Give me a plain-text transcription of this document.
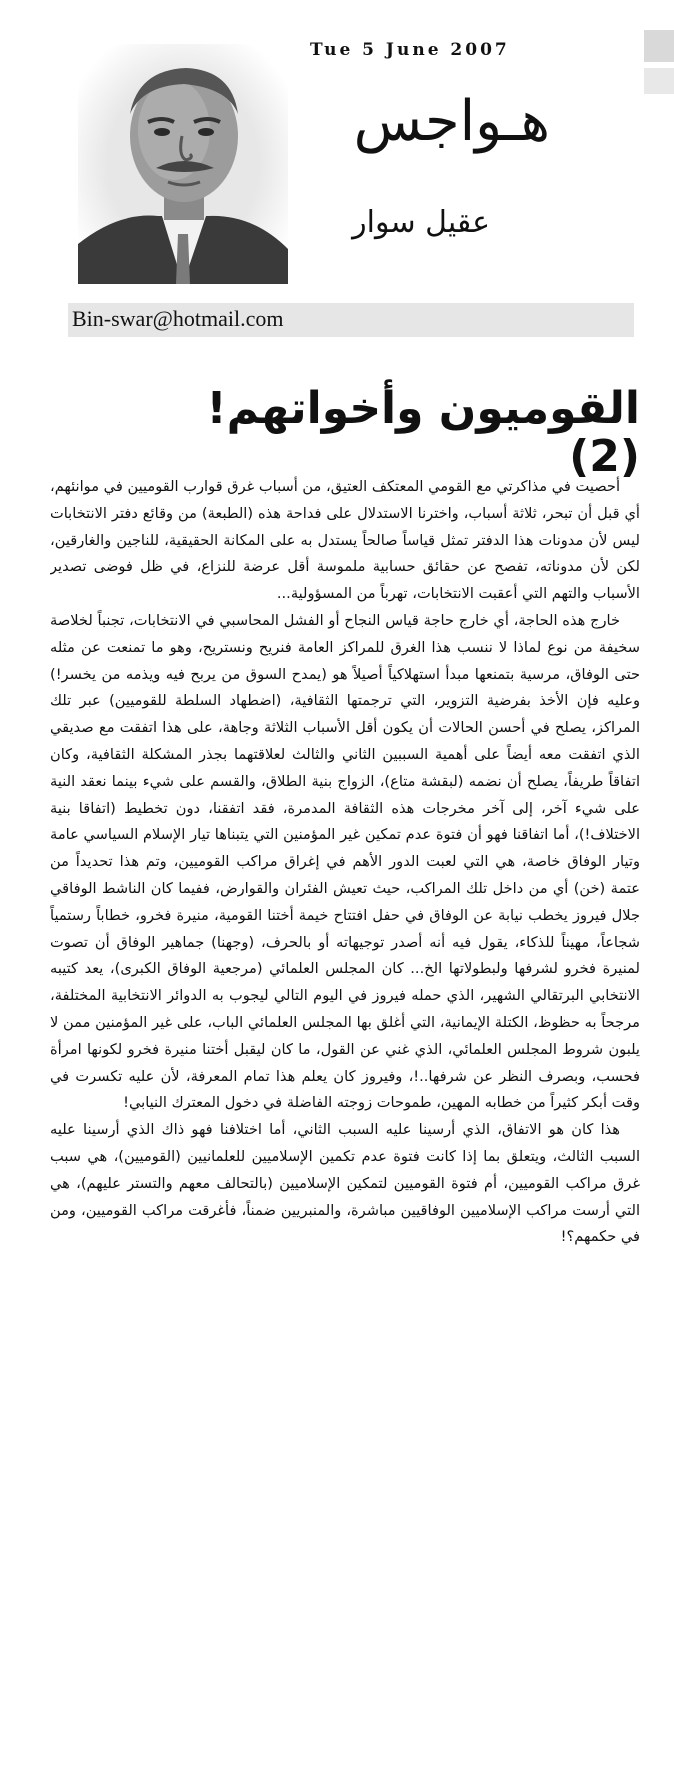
Tue 5 June 2007
هـواجس
عقيل سوار
Bin-swar@hotmail.com
القوميون وأخواتهم! (2)

أحصيت في مذاكرتي مع القومي المعتكف العتيق، من أسباب غرق قوارب القوميين في موانئهم، أي قبل أن تبحر، ثلاثة أسباب، واخترنا الاستدلال على فداحة هذه (الطبعة) من وقائع دفتر الانتخابات ليس لأن مدونات هذا الدفتر تمثل قياساً صالحاً يستدل به على المكانة الحقيقية، للناجين والغارقين، لكن لأن مدوناته، تفصح عن حقائق حسابية ملموسة أقل عرضة للنزاع، في ظل فوضى تصدير الأسباب والتهم التي أعقبت الانتخابات، تهرباً من المسؤولية...

خارج هذه الحاجة، أي خارج حاجة قياس النجاح أو الفشل المحاسبي في الانتخابات، تجنباً لخلاصة سخيفة من نوع لماذا لا ننسب هذا الغرق للمراكز العامة فنريح ونستريح، وهو ما تمنعت عن مثله حتى الوفاق، مرسية بتمنعها مبدأ استهلاكياً أصيلاً هو (يمدح السوق من يربح فيه ويذمه من يخسر!) وعليه فإن الأخذ بفرضية التزوير، التي ترجمتها الثقافية، (اضطهاد السلطة للقوميين) عبر تلك المراكز، يصلح في أحسن الحالات أن يكون أقل الأسباب الثلاثة وجاهة، على هذا اتفقت مع صديقي الذي اتفقت معه أيضاً على أهمية السببين الثاني والثالث لعلاقتهما بجذر المشكلة الثقافية، وكان اتفاقاً طريفاً، يصلح أن نضمه (لبقشة متاع)، الزواج بنية الطلاق، والقسم على شيء بينما نعقد النية على شيء آخر، إلى آخر مخرجات هذه الثقافة المدمرة، فقد اتفقنا، دون تخطيط (اتفاقا بنية الاختلاف!)، أما اتفاقنا فهو أن فتوة عدم تمكين غير المؤمنين التي يتبناها تيار الإسلام السياسي عامة وتيار الوفاق خاصة، هي التي لعبت الدور الأهم في إغراق مراكب القوميين، وتم هذا تحديداً من عتمة (خن) أي من داخل تلك المراكب، حيث تعيش الفئران والقوارض، ففيما كان الناشط الوفاقي جلال فيروز يخطب نيابة عن الوفاق في حفل افتتاح خيمة أختنا القومية، منيرة فخرو، خطاباً رستمياً شجاعاً، مهيناً للذكاء، يقول فيه أنه أصدر توجيهاته أو بالحرف، (وجهنا) جماهير الوفاق أن تصوت لمنيرة فخرو لشرفها ولبطولاتها الخ... كان المجلس العلمائي (مرجعية الوفاق الكبرى)، يعد كتيبه الانتخابي البرتقالي الشهير، الذي حمله فيروز في اليوم التالي ليجوب به الدوائر الانتخابية المختلفة، مرجحاً به حظوظ، الكتلة الإيمانية، التي أغلق بها المجلس العلمائي الباب، على غير المؤمنين ممن لا يلبون شروط المجلس العلمائي، الذي غني عن القول، ما كان ليقبل أختنا منيرة فخرو لكونها امرأة فحسب، وبصرف النظر عن شرفها..!، وفيروز كان يعلم هذا تمام المعرفة، لأن عليه تكسرت في وقت أبكر كثيراً من خطابه المهين، طموحات زوجته الفاضلة في دخول المعترك النيابي!

هذا كان هو الاتفاق، الذي أرسينا عليه السبب الثاني، أما اختلافنا فهو ذاك الذي أرسينا عليه السبب الثالث، ويتعلق بما إذا كانت فتوة عدم تكمين الإسلاميين للعلمانيين (القوميين)، هي سبب غرق مراكب القوميين، أم فتوة القوميين لتمكين الإسلاميين (بالتحالف معهم والتستر عليهم)، هي التي أرست مراكب الإسلاميين الوفاقيين مباشرة، والمنبريين ضمناً، فأغرقت مراكب القوميين، ومن في حكمهم؟!
